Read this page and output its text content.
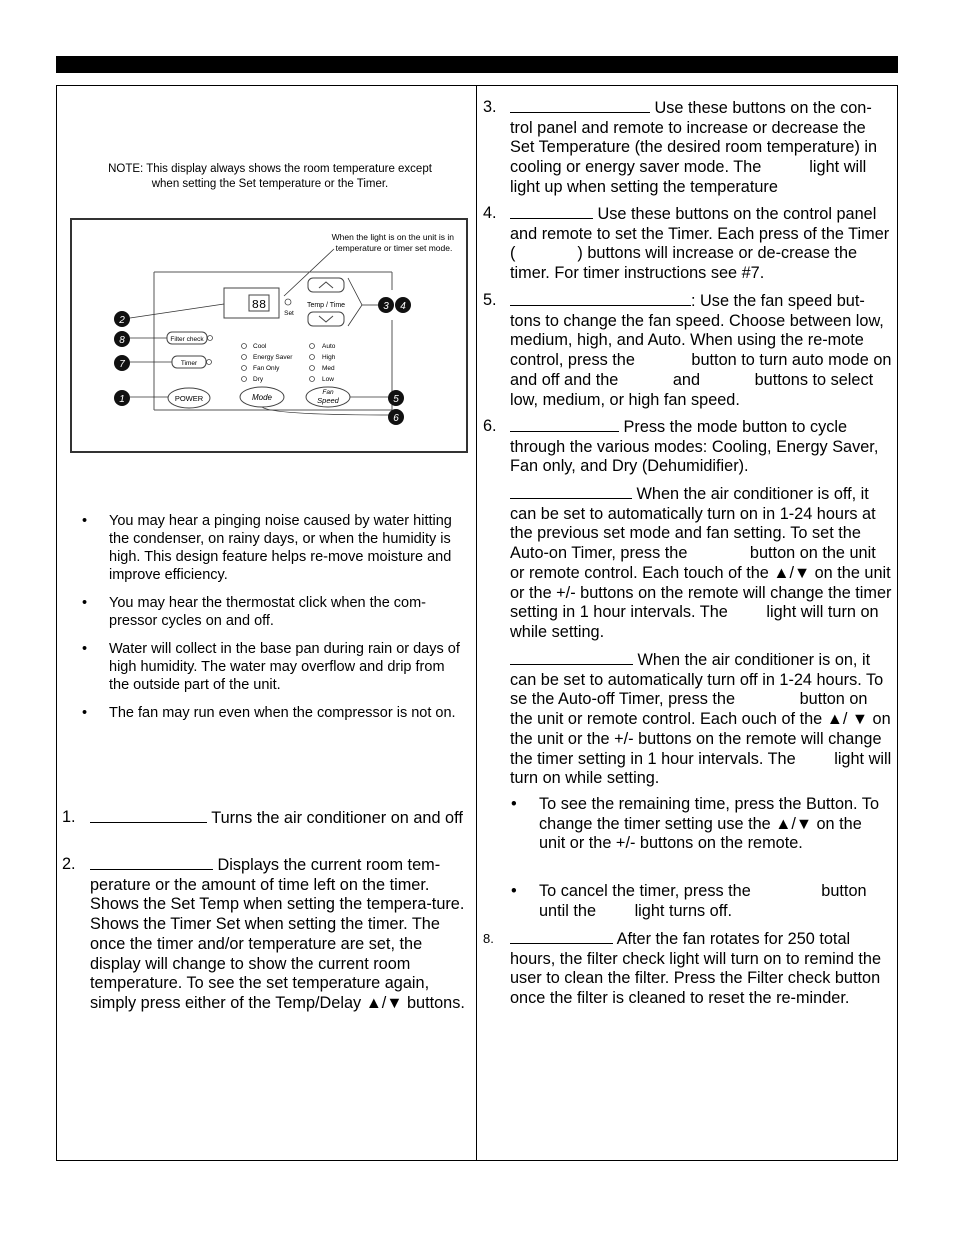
NOTE: This display always shows the room temperature except when setting the Set temperature or the Timer.
When the light is on the unit is in temperature or timer set mode.
88
Set
Temp / Time
Filter check
Timer
Cool
Energy Saver
Fan Only
Dry
Auto
High
Med
Low
POWER	Mode
Fan
Speed
2
8
7
1
3 4
5
6
• You may hear a pinging noise caused by water hitting the condenser, on rainy days, or when the humidity is high. This design feature helps re-move moisture and improve efficiency.
• You may hear the thermostat click when the com-pressor cycles on and off.
• Water will collect in the base pan during rain or days of high humidity. The water may overflow and drip from the outside part of the unit.
• The fan may run even when the compressor is not on.
1.	Turns the air conditioner on and off
2.	Displays the current room tem-perature or the amount of time left on the timer. Shows the Set Temp when setting the tempera-ture. Shows the Timer Set when setting the timer. The once the timer and/or temperature are set, the display will change to show the current room temperature. To see the set temperature again, simply press either of the Temp/Delay ▲/▼ buttons.
3.	Use these buttons on the con-trol panel and remote to increase or decrease the Set Temperature (the desired room temperature) in cooling or energy saver mode. The	light will light up when setting the temperature
4.	Use these buttons on the control panel and remote to set the Timer. Each press of the Timer (	) buttons will increase or de-crease the timer. For timer instructions see #7.
5.	: Use the fan speed but-tons to change the fan speed. Choose between low, medium, high, and Auto. When using the re-mote control, press the	button to turn auto mode on and off and the	and	buttons to select low, medium, or high fan speed.
6.	Press the mode button to cycle through the various modes: Cooling, Energy Saver, Fan only, and Dry (Dehumidifier).
When the air conditioner is off, it can be set to automatically turn on in 1-24 hours at the previous set mode and fan setting. To set the Auto-on Timer, press the	button on the unit or remote control. Each touch of the ▲/▼ on the unit or the +/- buttons on the remote will change the timer setting in 1 hour intervals. The light will turn on while setting.
When the air conditioner is on, it can be set to automatically turn off in 1-24 hours. To se the Auto-off Timer, press the	button on the unit or remote control. Each ouch of the ▲/ ▼ on the unit or the +/- buttons on the remote will change the timer setting in 1 hour intervals. The light will turn on while setting.
• To see the remaining time, press the Button. To change the timer setting use the ▲/▼ on the unit or the +/- buttons on the remote.
• To cancel the timer, press the	button until the light turns off.
8.	After the fan rotates for 250 total hours, the filter check light will turn on to remind the user to clean the filter. Press the Filter check button once the filter is cleaned to reset the re-minder.
